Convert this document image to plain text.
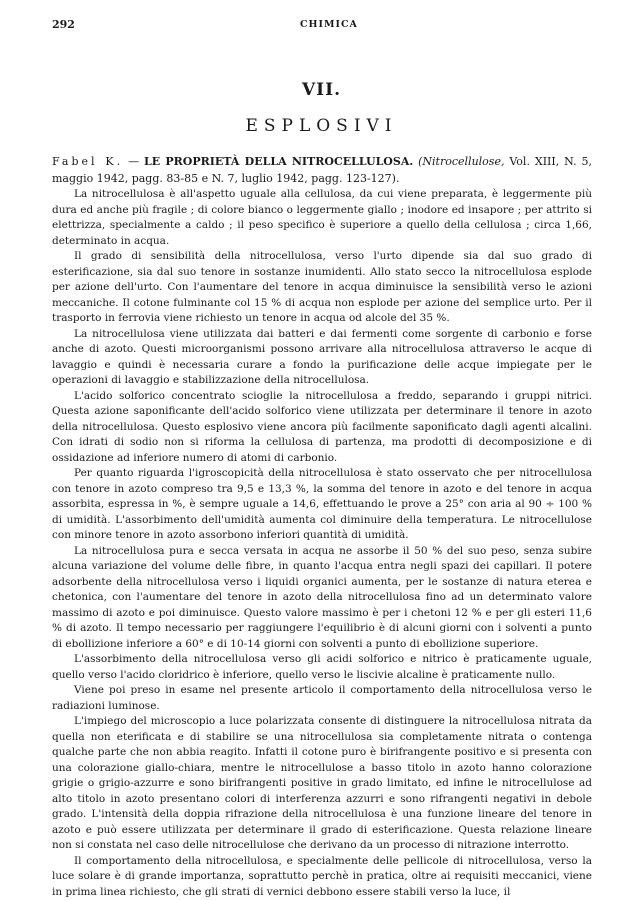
292	CHIMICA
VII.
ESPLOSIVI

Fabel K. — LE PROPRIETÀ DELLA NITROCELLULOSA. (Nitrocellulose, Vol. XIII, N. 5, maggio 1942, pagg. 83-85 e N. 7, luglio 1942, pagg. 123-127).

La nitrocellulosa è all'aspetto uguale alla cellulosa, da cui viene preparata, è leggermente più dura ed anche più fragile ; di colore bianco o leggermente giallo ; inodore ed insapore ; per attrito si elettrizza, specialmente a caldo ; il peso specifico è superiore a quello della cellulosa ; circa 1,66, determinato in acqua.

Il grado di sensibilità della nitrocellulosa, verso l'urto dipende sia dal suo grado di esterificazione, sia dal suo tenore in sostanze inumidenti. Allo stato secco la nitrocellulosa esplode per azione dell'urto. Con l'aumentare del tenore in acqua diminuisce la sensibilità verso le azioni meccaniche. Il cotone fulminante col 15 % di acqua non esplode per azione del semplice urto. Per il trasporto in ferrovia viene richiesto un tenore in acqua od alcole del 35 %.

La nitrocellulosa viene utilizzata dai batteri e dai fermenti come sorgente di carbonio e forse anche di azoto. Questi microorganismi possono arrivare alla nitrocellulosa attraverso le acque di lavaggio e quindi è necessaria curare a fondo la purificazione delle acque impiegate per le operazioni di lavaggio e stabilizzazione della nitrocellulosa.

L'acido solforico concentrato scioglie la nitrocellulosa a freddo, separando i gruppi nitrici. Questa azione saponificante dell'acido solforico viene utilizzata per determinare il tenore in azoto della nitrocellulosa. Questo esplosivo viene ancora più facilmente saponificato dagli agenti alcalini. Con idrati di sodio non si riforma la cellulosa di partenza, ma prodotti di decomposizione e di ossidazione ad inferiore numero di atomi di carbonio.

Per quanto riguarda l'igroscopicità della nitrocellulosa è stato osservato che per nitrocellulosa con tenore in azoto compreso tra 9,5 e 13,3 %, la somma del tenore in azoto e del tenore in acqua assorbita, espressa in %, è sempre uguale a 14,6, effettuando le prove a 25° con aria al 90 ÷ 100 % di umidità. L'assorbimento dell'umidità aumenta col diminuire della temperatura. Le nitrocellulose con minore tenore in azoto assorbono inferiori quantità di umidità.

La nitrocellulosa pura e secca versata in acqua ne assorbe il 50 % del suo peso, senza subire alcuna variazione del volume delle fibre, in quanto l'acqua entra negli spazi dei capillari. Il potere adsorbente della nitrocellulosa verso i liquidi organici aumenta, per le sostanze di natura eterea e chetonica, con l'aumentare del tenore in azoto della nitrocellulosa fino ad un determinato valore massimo di azoto e poi diminuisce. Questo valore massimo è per i chetoni 12 % e per gli esteri 11,6 % di azoto. Il tempo necessario per raggiungere l'equilibrio è di alcuni giorni con i solventi a punto di ebollizione inferiore a 60° e di 10-14 giorni con solventi a punto di ebollizione superiore.

L'assorbimento della nitrocellulosa verso gli acidi solforico e nitrico è praticamente uguale, quello verso l'acido cloridrico è inferiore, quello verso le liscivie alcaline è praticamente nullo.

Viene poi preso in esame nel presente articolo il comportamento della nitrocellulosa verso le radiazioni luminose.

L'impiego del microscopio a luce polarizzata consente di distinguere la nitrocellulosa nitrata da quella non eterificata e di stabilire se una nitrocellulosa sia completamente nitrata o contenga qualche parte che non abbia reagito. Infatti il cotone puro è birifrangente positivo e si presenta con una colorazione giallo-chiara, mentre le nitrocellulose a basso titolo in azoto hanno colorazione grigie o grigio-azzurre e sono birifrangenti positive in grado limitato, ed infine le nitrocellulose ad alto titolo in azoto presentano colori di interferenza azzurri e sono rifrangenti negativi in debole grado. L'intensità della doppia rifrazione della nitrocellulosa è una funzione lineare del tenore in azoto e può essere utilizzata per determinare il grado di esterificazione. Questa relazione lineare non si constata nel caso delle nitrocellulose che derivano da un processo di nitrazione interrotto.

Il comportamento della nitrocellulosa, e specialmente delle pellicole di nitrocellulosa, verso la luce solare è di grande importanza, soprattutto perchè in pratica, oltre ai requisiti meccanici, viene in prima linea richiesto, che gli strati di vernici debbono essere stabili verso la luce, il
